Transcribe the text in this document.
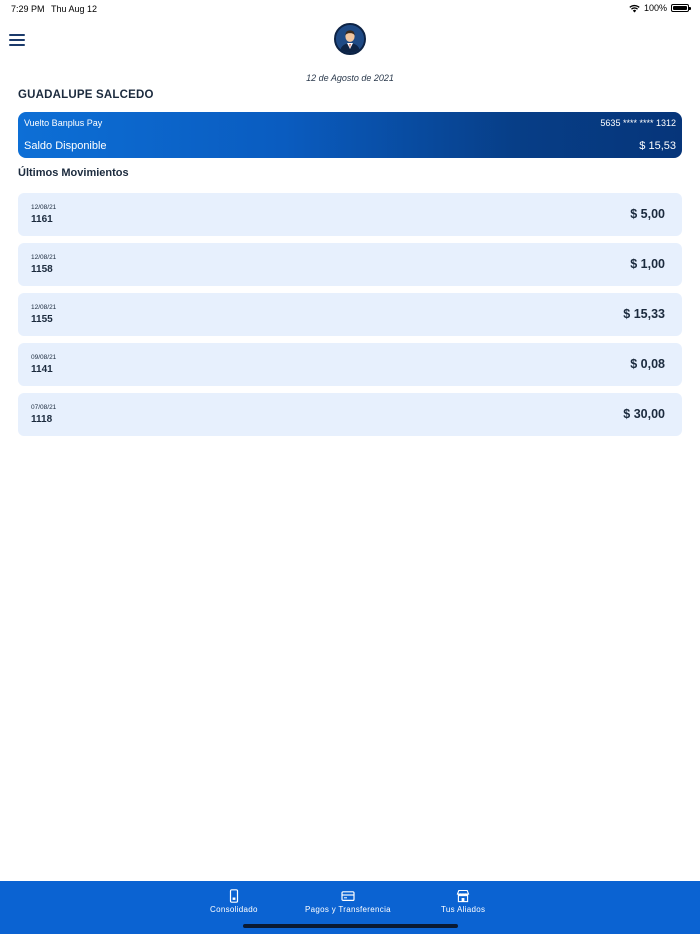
7:29 PM Thu Aug 12	100%
12 de Agosto de 2021
GUADALUPE SALCEDO
Vuelto Banplus Pay	5635 **** **** 1312
Saldo Disponible	$ 15,53
Últimos Movimientos
12/08/21
1161	$ 5,00
12/08/21
1158	$ 1,00
12/08/21
1155	$ 15,33
09/08/21
1141	$ 0,08
07/08/21
1118	$ 30,00
Consolidado	Pagos y Transferencia	Tus Aliados
